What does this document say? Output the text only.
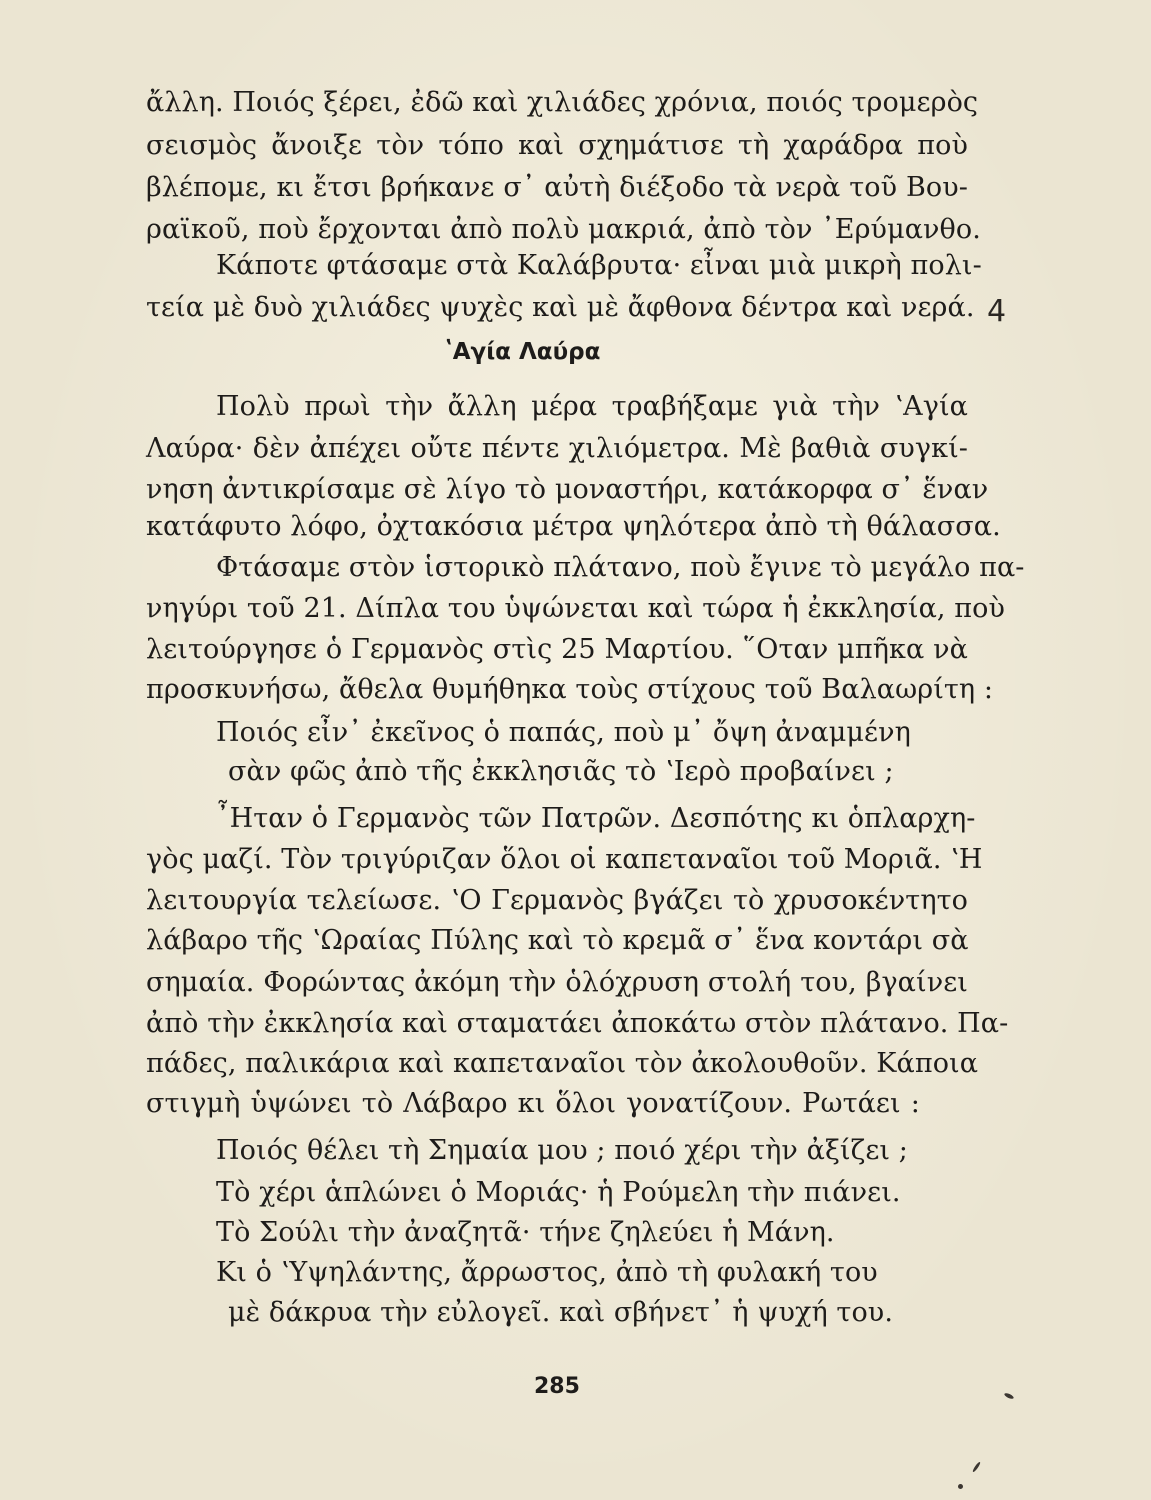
ἄλλη. Ποιός ξέρει, ἐδῶ καὶ χιλιάδες χρόνια, ποιός τρομερὸς
σεισμὸς ἄνοιξε τὸν τόπο καὶ σχημάτισε τὴ χαράδρα ποὺ
βλέπομε, κι ἔτσι βρήκανε σ᾽ αὐτὴ διέξοδο τὰ νερὰ τοῦ Βου-
ραϊκοῦ, ποὺ ἔρχονται ἀπὸ πολὺ μακριά, ἀπὸ τὸν ᾽Ερύμανθο.
Κάποτε φτάσαμε στὰ Καλάβρυτα· εἶναι μιὰ μικρὴ πολι-
τεία μὲ δυὸ χιλιάδες ψυχὲς καὶ μὲ ἄφθονα δέντρα καὶ νερά. 4
ʽΑγία Λαύρα
Πολὺ πρωὶ τὴν ἄλλη μέρα τραβήξαμε γιὰ τὴν ʽΑγία
Λαύρα· δὲν ἀπέχει οὔτε πέντε χιλιόμετρα. Μὲ βαθιὰ συγκί-
νηση ἀντικρίσαμε σὲ λίγο τὸ μοναστήρι, κατάκορφα σ᾽ ἕναν
κατάφυτο λόφο, ὀχτακόσια μέτρα ψηλότερα ἀπὸ τὴ θάλασσα.
Φτάσαμε στὸν ἱστορικὸ πλάτανο, ποὺ ἔγινε τὸ μεγάλο πα-
νηγύρι τοῦ 21. Δίπλα του ὑψώνεται καὶ τώρα ἡ ἐκκλησία, ποὺ
λειτούργησε ὁ Γερμανὸς στὶς 25 Μαρτίου. ῞Οταν μπῆκα νὰ
προσκυνήσω, ἄθελα θυμήθηκα τοὺς στίχους τοῦ Βαλαωρίτη :
Ποιός εἶν᾽ ἐκεῖνος ὁ παπάς, ποὺ μ᾽ ὄψη ἀναμμένη
σὰν φῶς ἀπὸ τῆς ἐκκλησιᾶς τὸ ʽΙερὸ προβαίνει ;
῏Ηταν ὁ Γερμανὸς τῶν Πατρῶν. Δεσπότης κι ὁπλαρχη-
γὸς μαζί. Τὸν τριγύριζαν ὅλοι οἱ καπεταναῖοι τοῦ Μοριᾶ. ʽΗ
λειτουργία τελείωσε. ʽΟ Γερμανὸς βγάζει τὸ χρυσοκέντητο
λάβαρο τῆς ʽΩραίας Πύλης καὶ τὸ κρεμᾶ σ᾽ ἕνα κοντάρι σὰ
σημαία. Φορώντας ἀκόμη τὴν ὁλόχρυση στολή του, βγαίνει
ἀπὸ τὴν ἐκκλησία καὶ σταματάει ἀποκάτω στὸν πλάτανο. Πα-
πάδες, παλικάρια καὶ καπεταναῖοι τὸν ἀκολουθοῦν. Κάποια
στιγμὴ ὑψώνει τὸ Λάβαρο κι ὅλοι γονατίζουν. Ρωτάει :
Ποιός θέλει τὴ Σημαία μου ; ποιό χέρι τὴν ἀξίζει ;
Τὸ χέρι ἁπλώνει ὁ Μοριάς· ἡ Ρούμελη τὴν πιάνει.
Τὸ Σούλι τὴν ἀναζητᾶ· τήνε ζηλεύει ἡ Μάνη.
Κι ὁ ʽΥψηλάντης, ἄρρωστος, ἀπὸ τὴ φυλακή του
μὲ δάκρυα τὴν εὐλογεῖ. καὶ σβήνετ᾽ ἡ ψυχή του.
285
